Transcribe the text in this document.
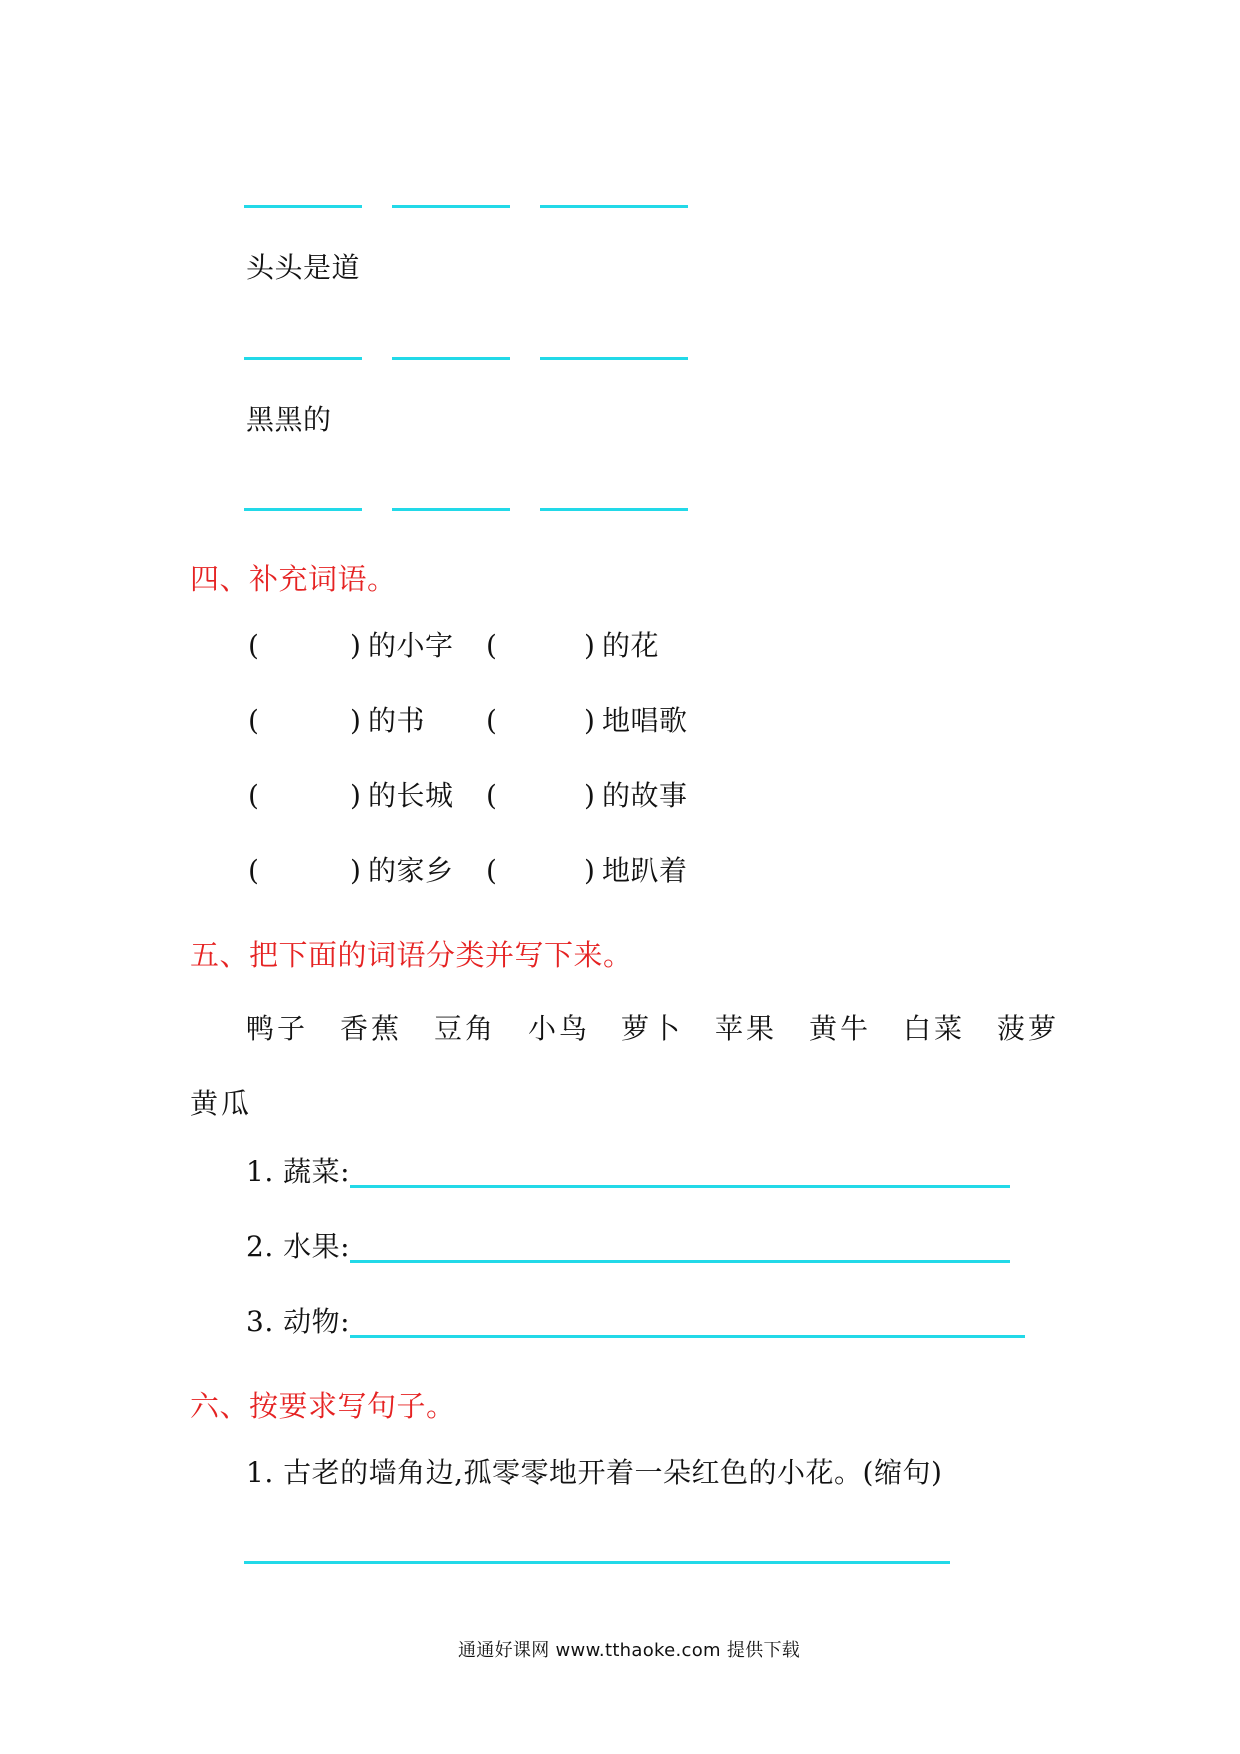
头头是道
黑黑的
四、补充词语。
(	) 的小字 (	) 的花
(	) 的书 (	) 地唱歌
(	) 的长城 (	) 的故事
(	) 的家乡 (	) 地趴着
五、把下面的词语分类并写下来。
鸭子 香蕉 豆角 小鸟 萝卜 苹果 黄牛 白菜 菠萝
黄瓜
1. 蔬菜:
2. 水果:
3. 动物:
六、按要求写句子。
1. 古老的墙角边,孤零零地开着一朵红色的小花。(缩句)
通通好课网 www.tthaoke.com 提供下载
